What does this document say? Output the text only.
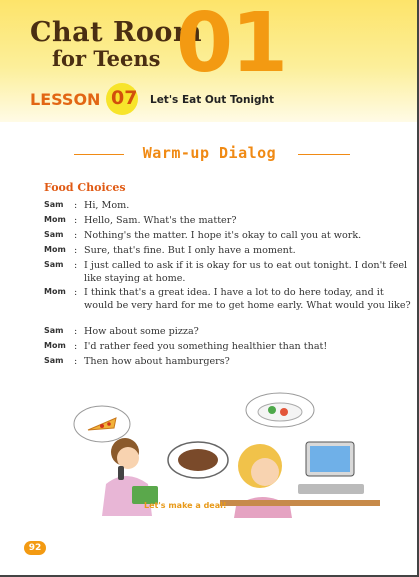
Chat Room
for Teens 01
LESSON 07 Let's Eat Out Tonight
Warm-up Dialog
Food Choices
Sam : Hi, Mom.
Mom : Hello, Sam. What's the matter?
Sam : Nothing's the matter. I hope it's okay to call you at work.
Mom : Sure, that's fine. But I only have a moment.
Sam : I just called to ask if it is okay for us to eat out tonight. I don't feel like staying at home.
Mom : I think that's a great idea. I have a lot to do here today, and it would be very hard for me to get home early. What would you like?
Sam : How about some pizza?
Mom : I'd rather feed you something healthier than that!
Sam : Then how about hamburgers?
Let's make a deal!
92
